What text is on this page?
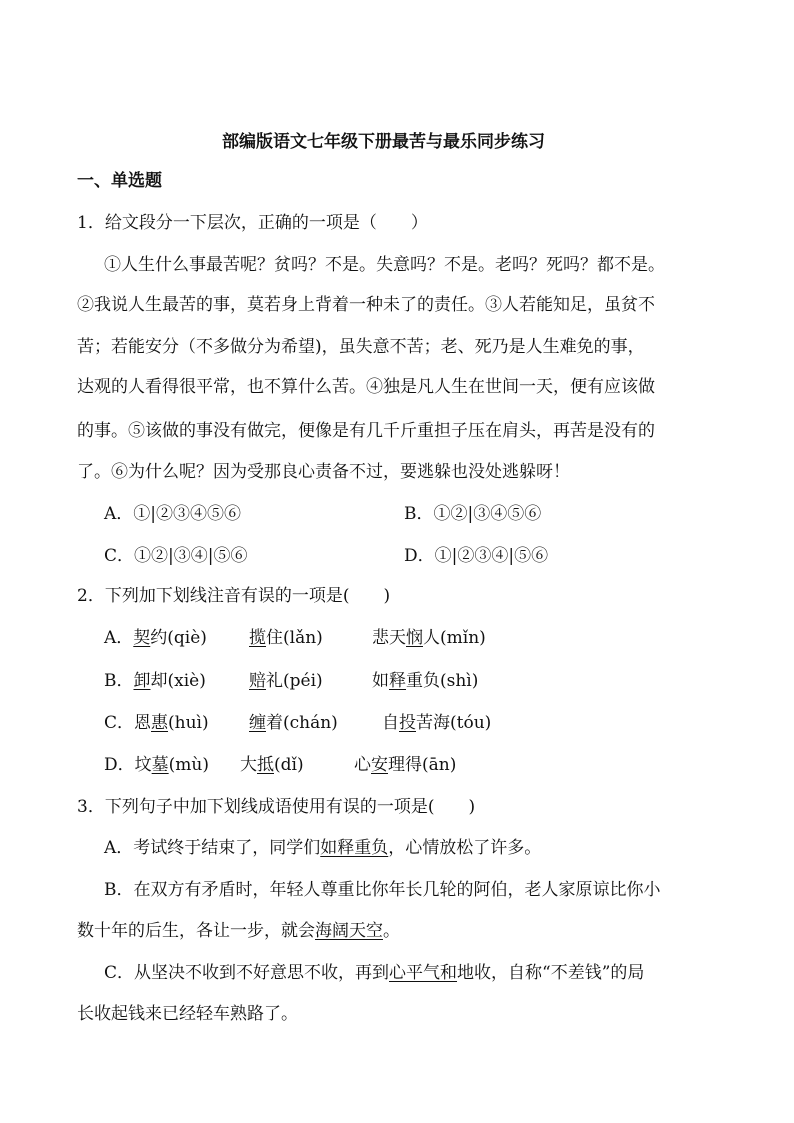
部编版语文七年级下册最苦与最乐同步练习
一、单选题
1．给文段分一下层次，正确的一项是（　　）
①人生什么事最苦呢？贫吗？不是。失意吗？不是。老吗？死吗？都不是。
②我说人生最苦的事，莫若身上背着一种未了的责任。③人若能知足，虽贫不
苦；若能安分（不多做分为希望)，虽失意不苦；老、死乃是人生难免的事，
达观的人看得很平常，也不算什么苦。④独是凡人生在世间一天，便有应该做
的事。⑤该做的事没有做完，便像是有几千斤重担子压在肩头，再苦是没有的
了。⑥为什么呢？因为受那良心责备不过，要逃躲也没处逃躲呀！
A．①|②③④⑤⑥	B．①②|③④⑤⑥
C．①②|③④|⑤⑥	D．①|②③④|⑤⑥
2．下列加下划线注音有误的一项是(　　)
A．契约(qiè) 揽住(lǎn)	悲天悯人(mǐn)
B．卸却(xiè)	赔礼(péi)	如释重负(shì)
C．恩惠(huì) 缠着(chán)	自投苦海(tóu)
D．坟墓(mù) 大抵(dǐ)	心安理得(ān)
3．下列句子中加下划线成语使用有误的一项是(　　)
A．考试终于结束了，同学们如释重负，心情放松了许多。
B．在双方有矛盾时，年轻人尊重比你年长几轮的阿伯，老人家原谅比你小
数十年的后生，各让一步，就会海阔天空。
C．从坚决不收到不好意思不收，再到心平气和地收，自称“不差钱”的局
长收起钱来已经轻车熟路了。
